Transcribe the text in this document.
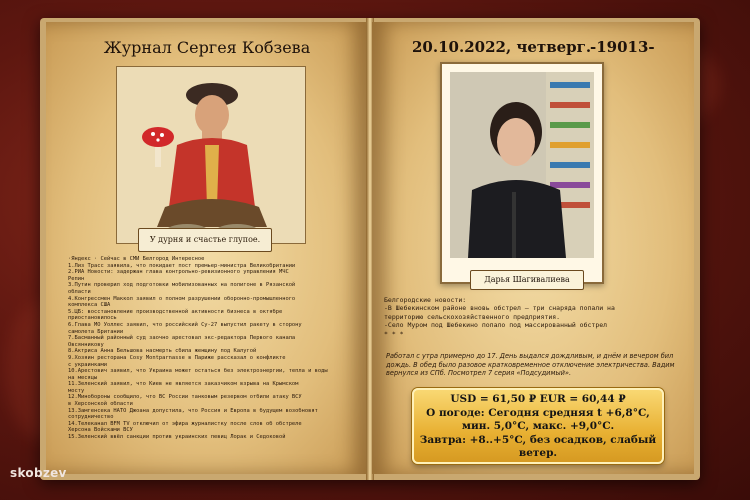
Журнал Сергея Кобзева
У дурня и счастье глупое.
·Яндекс · Сейчас в СМИ Белгород Интересное
1.Лиз Трасс заявила, что покидает пост премьер-министра Великобритании
2.РИА Новости: задержан глава контрольно-ревизионного управления МЧС
Репин
3.Путин проверил ход подготовки мобилизованных на полигоне в Рязанской
области
4.Конгрессмен Маккол заявил о полном разрушении оборонно-промышленного
комплекса США
5.ЦБ: восстановление производственной активности бизнеса в октябре
приостановилось
6.Глава МО Уоллес заявил, что российский Су-27 выпустил ракету в сторону
самолета Британии
7.Басманный районный суд заочно арестовал экс-редактора Первого канала
Овсянникову
8.Актриса Анна Бельшова насмерть сбила женщину под Калугой
9.Хозяин ресторана Cosy Montparnasse в Париже рассказал о конфликте
с украинками
10.Арестович заявил, что Украина может остаться без электроэнергии, тепла и воды
на месяцы
11.Зеленский заявил, что Киев не является заказчиком взрыва на Крымском
мосту
12.Минобороны сообщило, что ВС России танковым резервом отбили атаку ВСУ
в Херсонской области
13.Замгенсека НАТО Джоана допустила, что Россия и Европа в будущем возобновят
сотрудничество
14.Телеканал BFM TV отключил от эфира журналистку после слов об обстреле
Херсона Войсками ВСУ
15.Зеленский ввёл санкции против украинских певиц Лорак и Седоковой
20.10.2022, четверг.
-19013-
Дарья Шагивалиева
Белгородские новости:
-В Шебекинском районе вновь обстрел — три снаряда попали на
территорию сельскохозяйственного предприятия.
-Село Муром под Шебекино попало под массированный обстрел
* * *
Работал с утра примерно до 17. День выдался дождливым, и днём и вечером бил дождь. В обед было разовое кратковременное отключение электричества. Вадим вернулся из СПб. Посмотрел 7 серия «Подсудимый».
USD = 61,50 ₽ EUR = 60,44 ₽
О погоде: Сегодня средняя t +6,8°C,
мин. 5,0°C, макс. +9,0°C.
Завтра: +8..+5°C, без осадков, слабый
ветер.
skobzev
